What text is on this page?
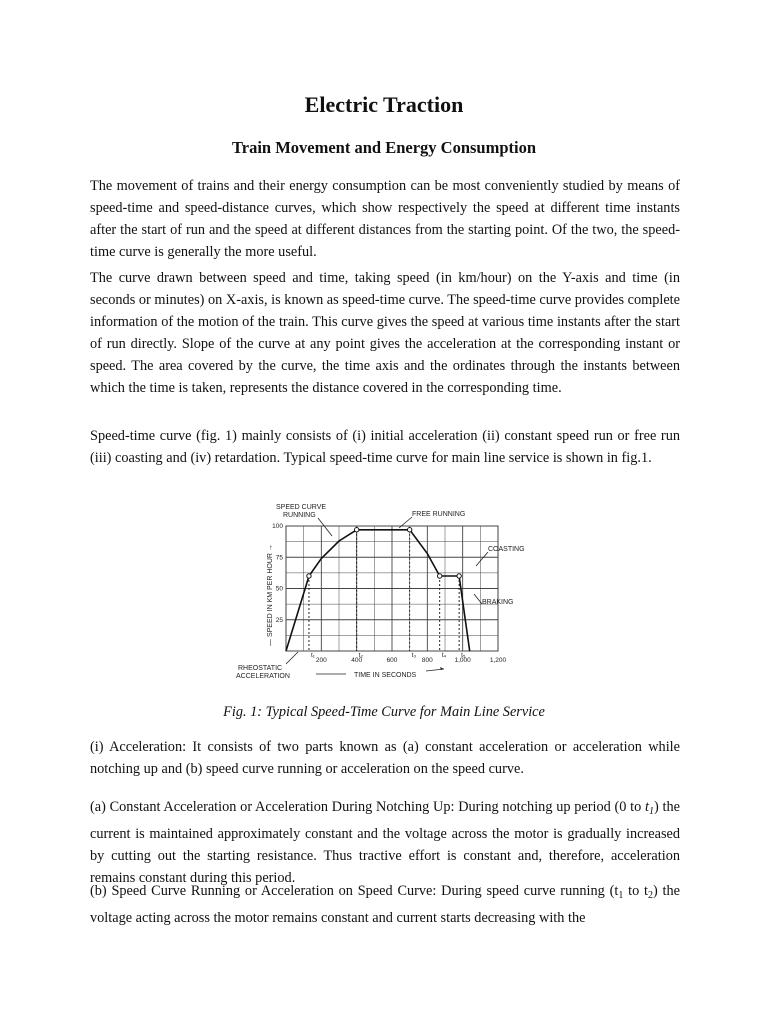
Electric Traction
Train Movement and Energy Consumption

The movement of trains and their energy consumption can be most conveniently studied by means of speed-time and speed-distance curves, which show respectively the speed at different time instants after the start of run and the speed at different distances from the starting point. Of the two, the speed-time curve is generally the more useful.

The curve drawn between speed and time, taking speed (in km/hour) on the Y-axis and time (in seconds or minutes) on X-axis, is known as speed-time curve. The speed-time curve provides complete information of the motion of the train. This curve gives the speed at various time instants after the start of run directly. Slope of the curve at any point gives the acceleration at the corresponding instant or speed. The area covered by the curve, the time axis and the ordinates through the instants between which the time is taken, represents the distance covered in the corresponding time.

Speed-time curve (fig. 1) mainly consists of (i) initial acceleration (ii) constant speed run or free run (iii) coasting and (iv) retardation. Typical speed-time curve for main line service is shown in fig.1.

100
75
50
25
200	400	600	800	1,000	1,200
t₁	t₂	t₃	t₄ t₅
SPEED CURVE
RUNNING	FREE RUNNING
COASTING
BRAKING
— SPEED IN KM PER HOUR →
RHEOSTATIC
ACCELERATION	TIME IN SECONDS
Fig. 1: Typical Speed-Time Curve for Main Line Service

(i) Acceleration: It consists of two parts known as (a) constant acceleration or acceleration while notching up and (b) speed curve running or acceleration on the speed curve.

(a) Constant Acceleration or Acceleration During Notching Up: During notching up period (0 to $t_1$) the current is maintained approximately constant and the voltage across the motor is gradually increased by cutting out the starting resistance. Thus tractive effort is constant and, therefore, acceleration remains constant during this period.

(b) Speed Curve Running or Acceleration on Speed Curve: During speed curve running ($t_1$ to $t_2$) the voltage acting across the motor remains constant and current starts decreasing with the
